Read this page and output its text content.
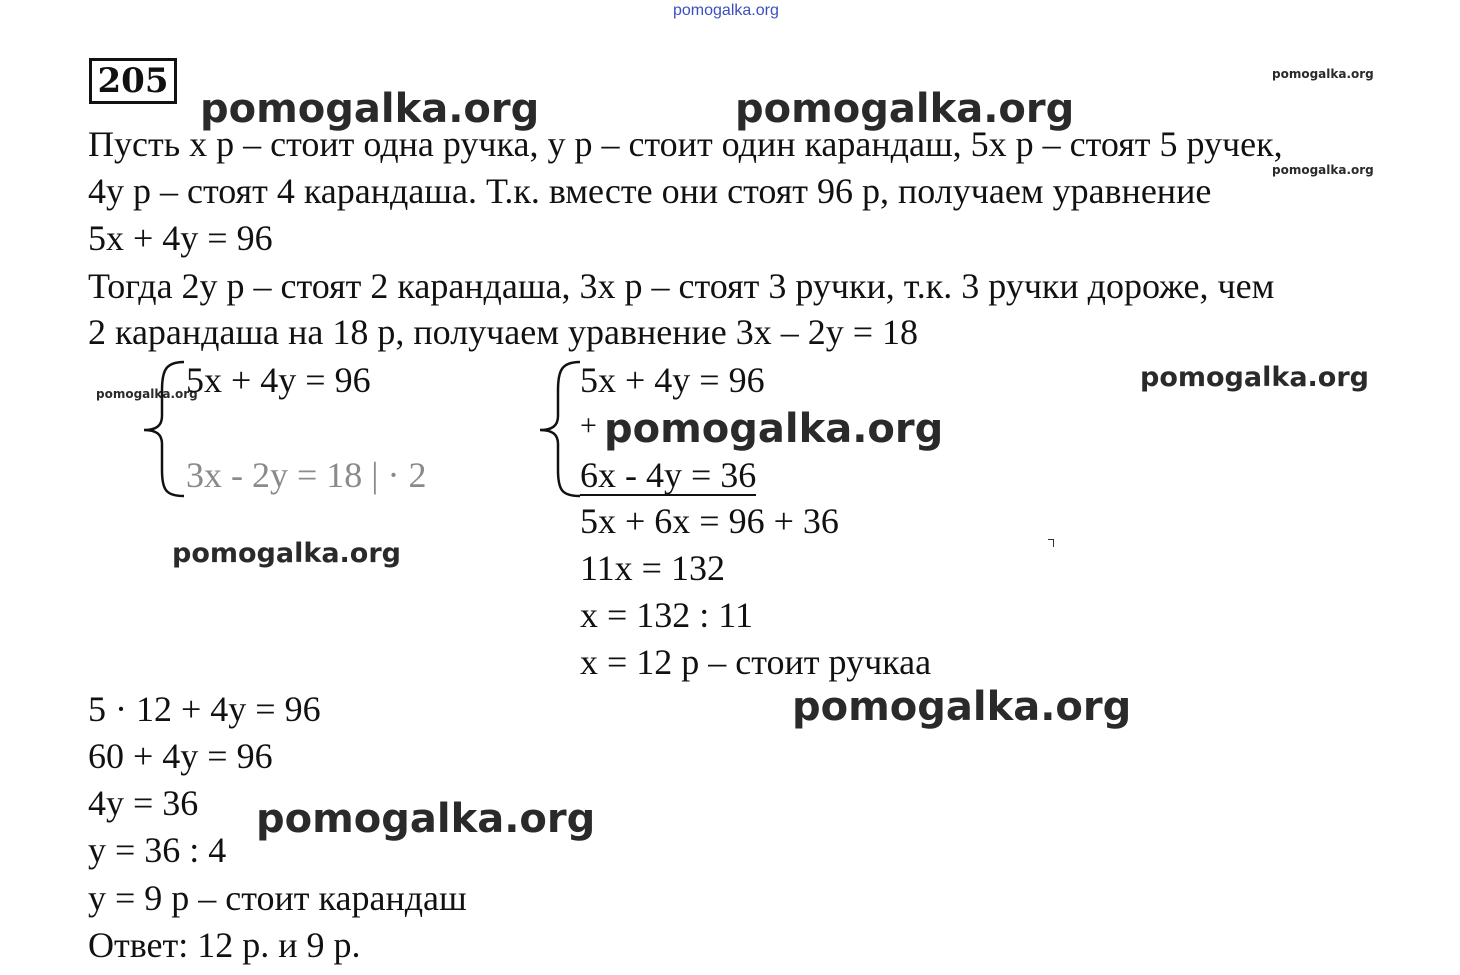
pomogalka.org
205	pomogalka.org
pomogalka.org
pomogalka.org
pomogalka.org	pomogalka.org
pomogalka.org
pomogalka.org
pomogalka.org
pomogalka.org
Пусть x р – стоит одна ручка, y р – стоит один карандаш, 5x р – стоят 5 ручек,
4y р – стоят 4 карандаша. Т.к. вместе они стоят 96 р, получаем уравнение
5x + 4y = 96
Тогда 2y р – стоят 2 карандаша, 3x р – стоят 3 ручки, т.к. 3 ручки дороже, чем
2 карандаша на 18 р, получаем уравнение 3x – 2y = 18
5x + 4y = 96
3x - 2y = 18 | · 2
5x + 4y = 96
+ pomogalka.org
6x - 4y = 36
5x + 6x = 96 + 36
11x = 132
x = 132 : 11
x = 12 р – стоит ручкаа
5 · 12 + 4y = 96
60 + 4y = 96
4y = 36
y = 36 : 4
y = 9 р – стоит карандаш
Ответ: 12 р. и 9 р.
